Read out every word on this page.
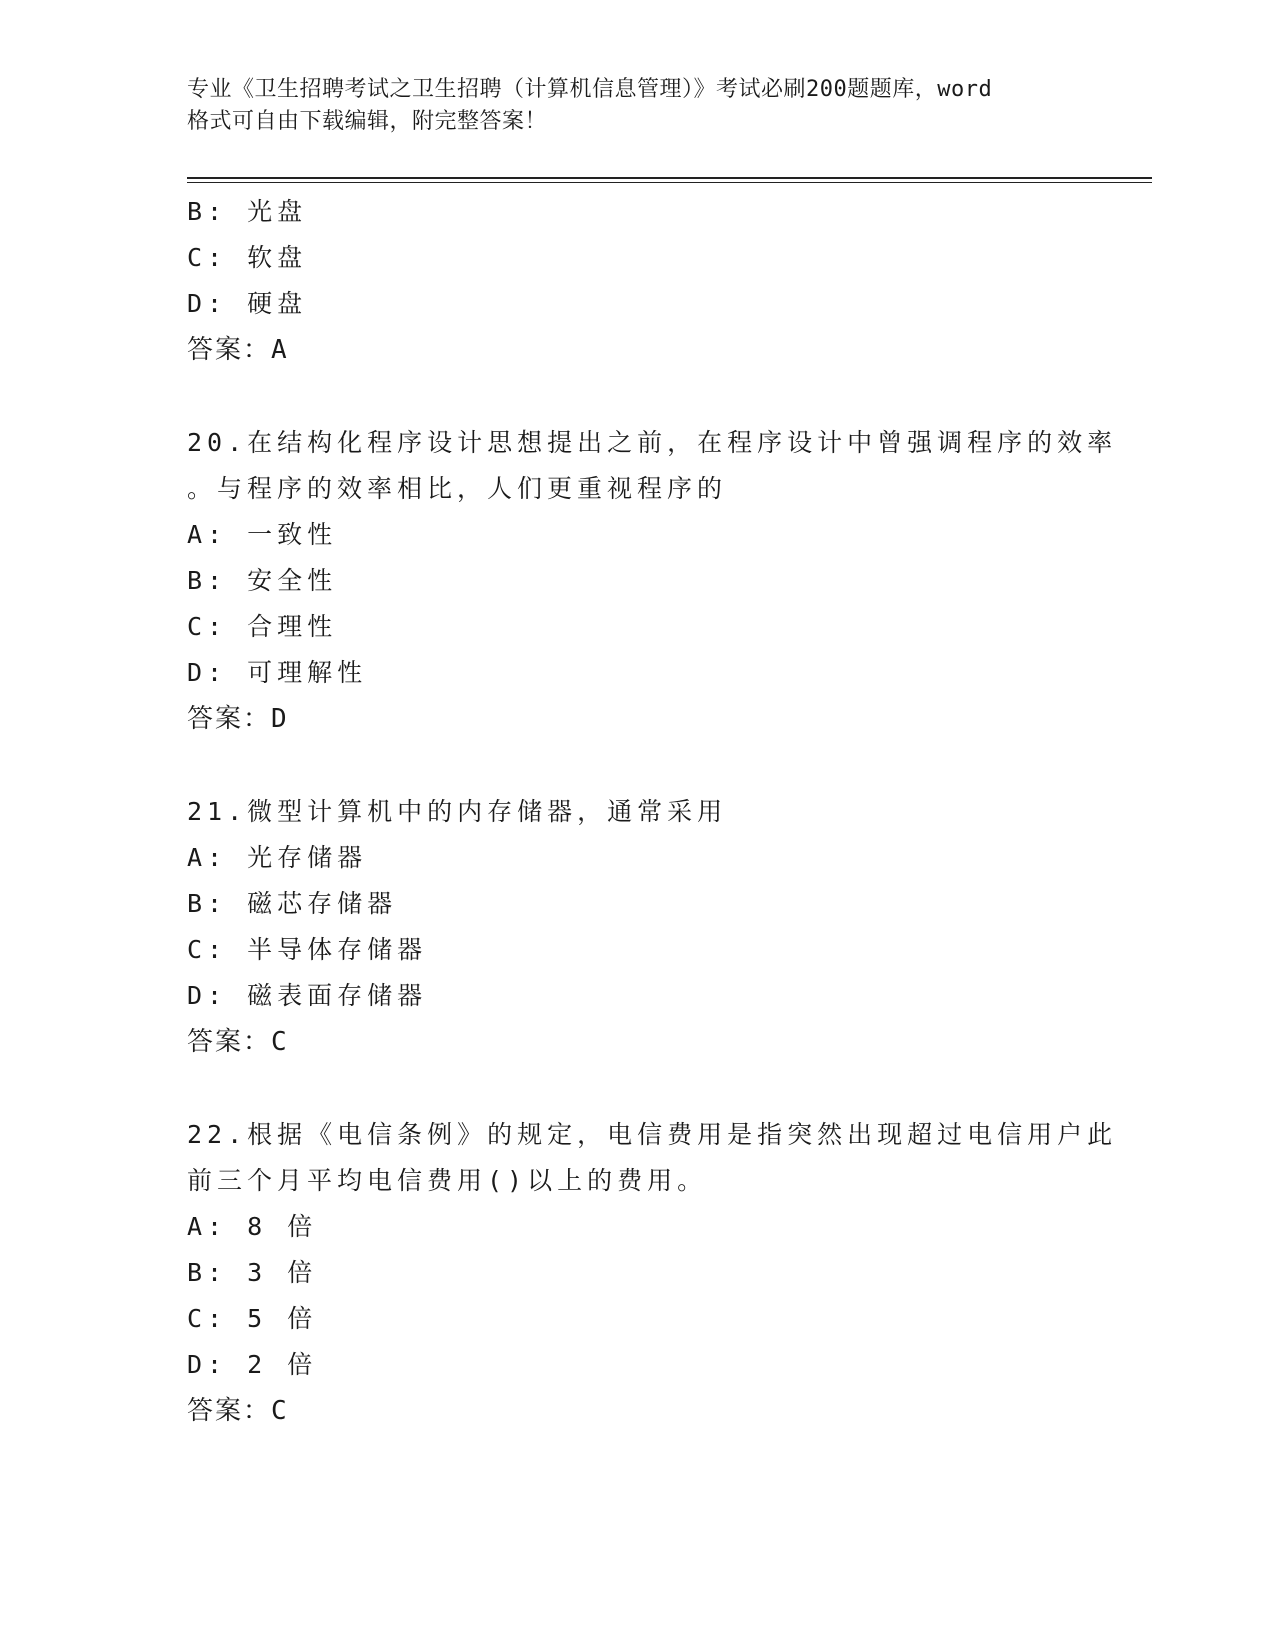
专业《卫生招聘考试之卫生招聘（计算机信息管理）》考试必刷200题题库，word
格式可自由下载编辑，附完整答案！
B: 光盘
C: 软盘
D: 硬盘
答案：A
20.在结构化程序设计思想提出之前，在程序设计中曾强调程序的效率
。与程序的效率相比，人们更重视程序的
A: 一致性
B: 安全性
C: 合理性
D: 可理解性
答案：D
21.微型计算机中的内存储器，通常采用
A: 光存储器
B: 磁芯存储器
C: 半导体存储器
D: 磁表面存储器
答案：C
22.根据《电信条例》的规定，电信费用是指突然出现超过电信用户此
前三个月平均电信费用()以上的费用。
A: 8 倍
B: 3 倍
C: 5 倍
D: 2 倍
答案：C
